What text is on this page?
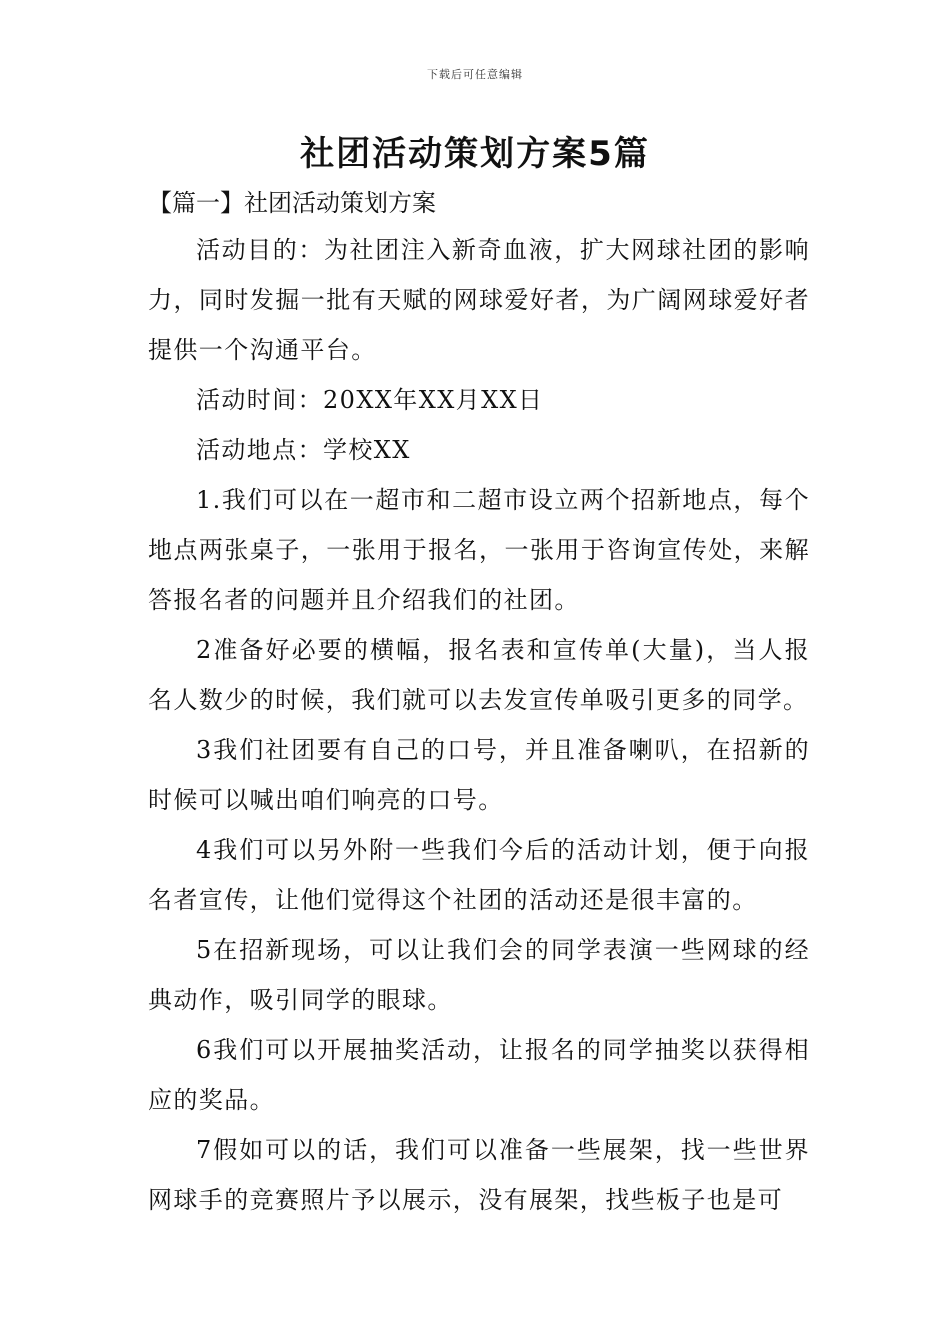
下载后可任意编辑
社团活动策划方案5篇
【篇一】社团活动策划方案

活动目的：为社团注入新奇血液，扩大网球社团的影响力，同时发掘一批有天赋的网球爱好者，为广阔网球爱好者提供一个沟通平台。

活动时间：20XX年XX月XX日

活动地点：学校XX

1.我们可以在一超市和二超市设立两个招新地点，每个地点两张桌子，一张用于报名，一张用于咨询宣传处，来解答报名者的问题并且介绍我们的社团。

2准备好必要的横幅，报名表和宣传单(大量)，当人报名人数少的时候，我们就可以去发宣传单吸引更多的同学。

3我们社团要有自己的口号，并且准备喇叭，在招新的时候可以喊出咱们响亮的口号。

4我们可以另外附一些我们今后的活动计划，便于向报名者宣传，让他们觉得这个社团的活动还是很丰富的。

5在招新现场，可以让我们会的同学表演一些网球的经典动作，吸引同学的眼球。

6我们可以开展抽奖活动，让报名的同学抽奖以获得相应的奖品。

7假如可以的话，我们可以准备一些展架，找一些世界网球手的竞赛照片予以展示，没有展架，找些板子也是可
